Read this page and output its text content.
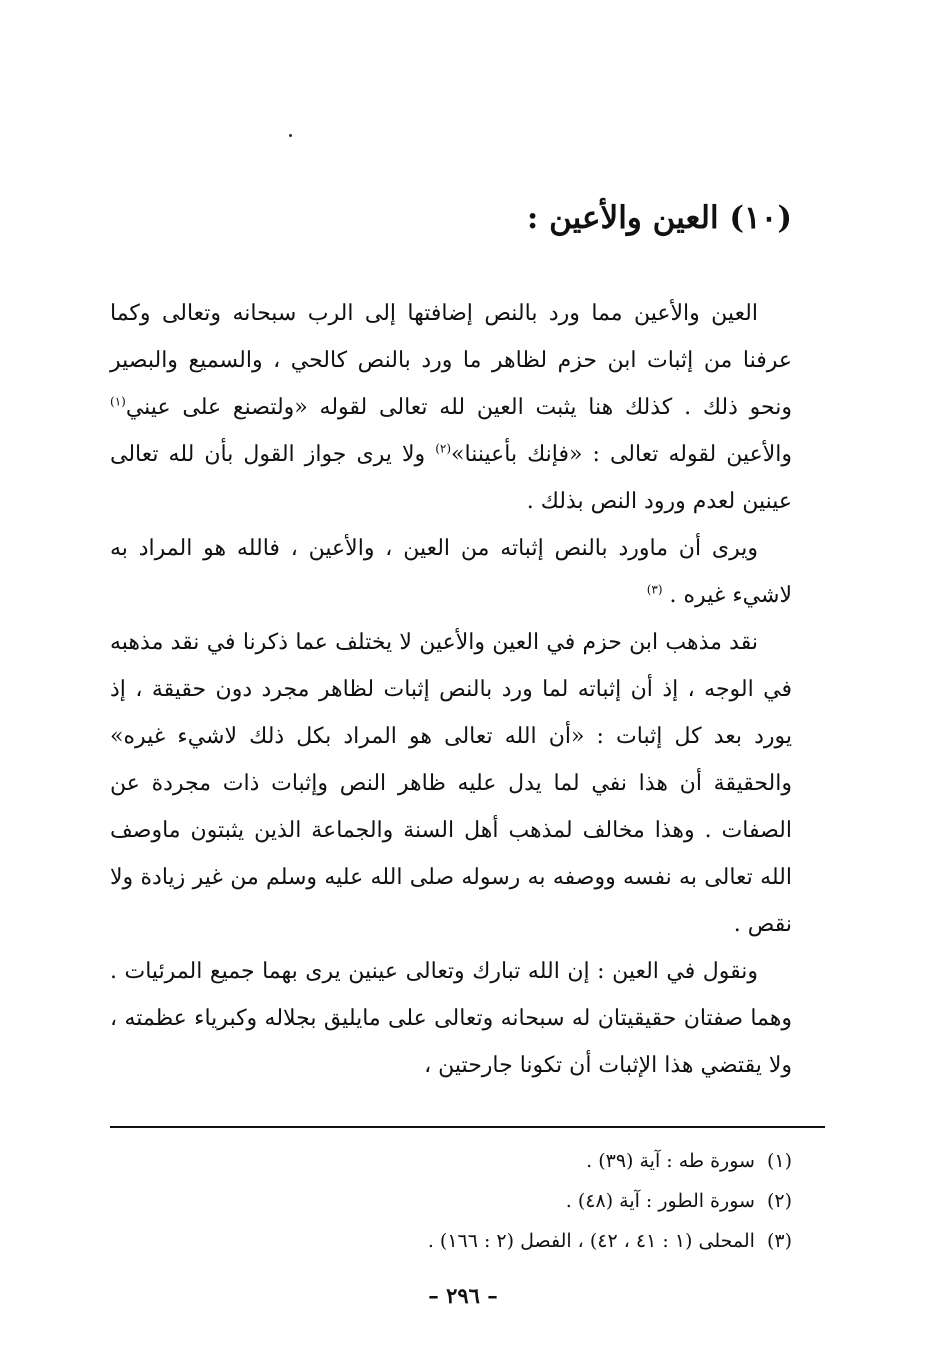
(١٠) العين والأعين :

العين والأعين مما ورد بالنص إضافتها إلى الرب سبحانه وتعالى وكما عرفنا من إثبات ابن حزم لظاهر ما ورد بالنص كالحي ، والسميع والبصير ونحو ذلك . كذلك هنا يثبت العين لله تعالى لقوله «ولتصنع على عيني$^{(١)}$ والأعين لقوله تعالى : «فإنك بأعيننا»$^{(٢)}$ ولا يرى جواز القول بأن لله تعالى عينين لعدم ورود النص بذلك .

ويرى أن ماورد بالنص إثباته من العين ، والأعين ، فالله هو المراد به لاشيء غيره . $^{(٣)}$

نقد مذهب ابن حزم في العين والأعين لا يختلف عما ذكرنا في نقد مذهبه في الوجه ، إذ أن إثباته لما ورد بالنص إثبات لظاهر مجرد دون حقيقة ، إذ يورد بعد كل إثبات : «أن الله تعالى هو المراد بكل ذلك لاشيء غيره» والحقيقة أن هذا نفي لما يدل عليه ظاهر النص وإثبات ذات مجردة عن الصفات . وهذا مخالف لمذهب أهل السنة والجماعة الذين يثبتون ماوصف الله تعالى به نفسه ووصفه به رسوله صلى الله عليه وسلم من غير زيادة ولا نقص .

ونقول في العين : إن الله تبارك وتعالى عينين يرى بهما جميع المرئيات . وهما صفتان حقيقيتان له سبحانه وتعالى على مايليق بجلاله وكبرياء عظمته ، ولا يقتضي هذا الإثبات أن تكونا جارحتين ،

(١)سورة طه : آية (٣٩) .

(٢)سورة الطور : آية (٤٨) .

(٣)المحلى (١ : ٤١ ، ٤٢) ، الفصل (٢ : ١٦٦) .

– ٢٩٦ –
